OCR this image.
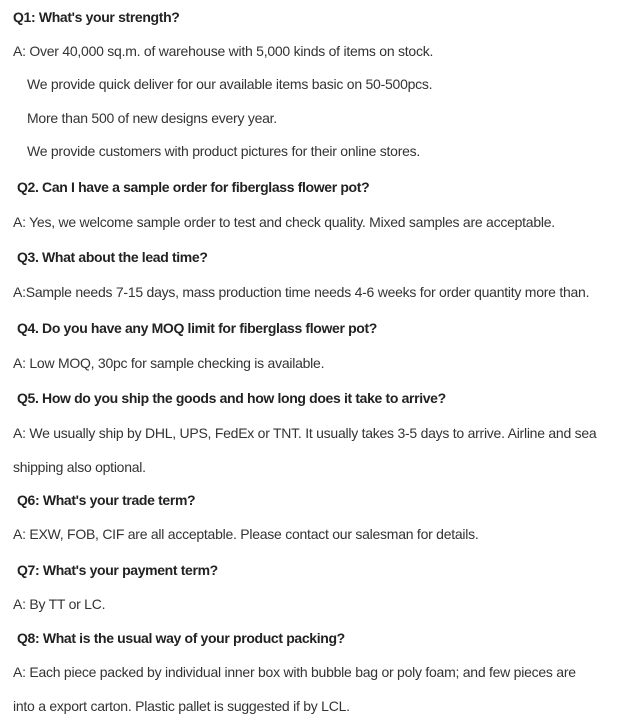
Q1: What's your strength?
A: Over 40,000 sq.m. of warehouse with 5,000 kinds of items on stock.
We provide quick deliver for our available items basic on 50-500pcs.
More than 500 of new designs every year.
We provide customers with product pictures for their online stores.
Q2. Can I have a sample order for fiberglass flower pot?
A: Yes, we welcome sample order to test and check quality. Mixed samples are acceptable.
Q3. What about the lead time?
A:Sample needs 7-15 days, mass production time needs 4-6 weeks for order quantity more than.
Q4. Do you have any MOQ limit for fiberglass flower pot?
A: Low MOQ, 30pc for sample checking is available.
Q5. How do you ship the goods and how long does it take to arrive?
A: We usually ship by DHL, UPS, FedEx or TNT. It usually takes 3-5 days to arrive. Airline and sea
shipping also optional.
Q6: What's your trade term?
A: EXW, FOB, CIF are all acceptable. Please contact our salesman for details.
Q7: What's your payment term?
A: By TT or LC.
Q8: What is the usual way of your product packing?
A: Each piece packed by individual inner box with bubble bag or poly foam; and few pieces are
into a export carton. Plastic pallet is suggested if by LCL.
